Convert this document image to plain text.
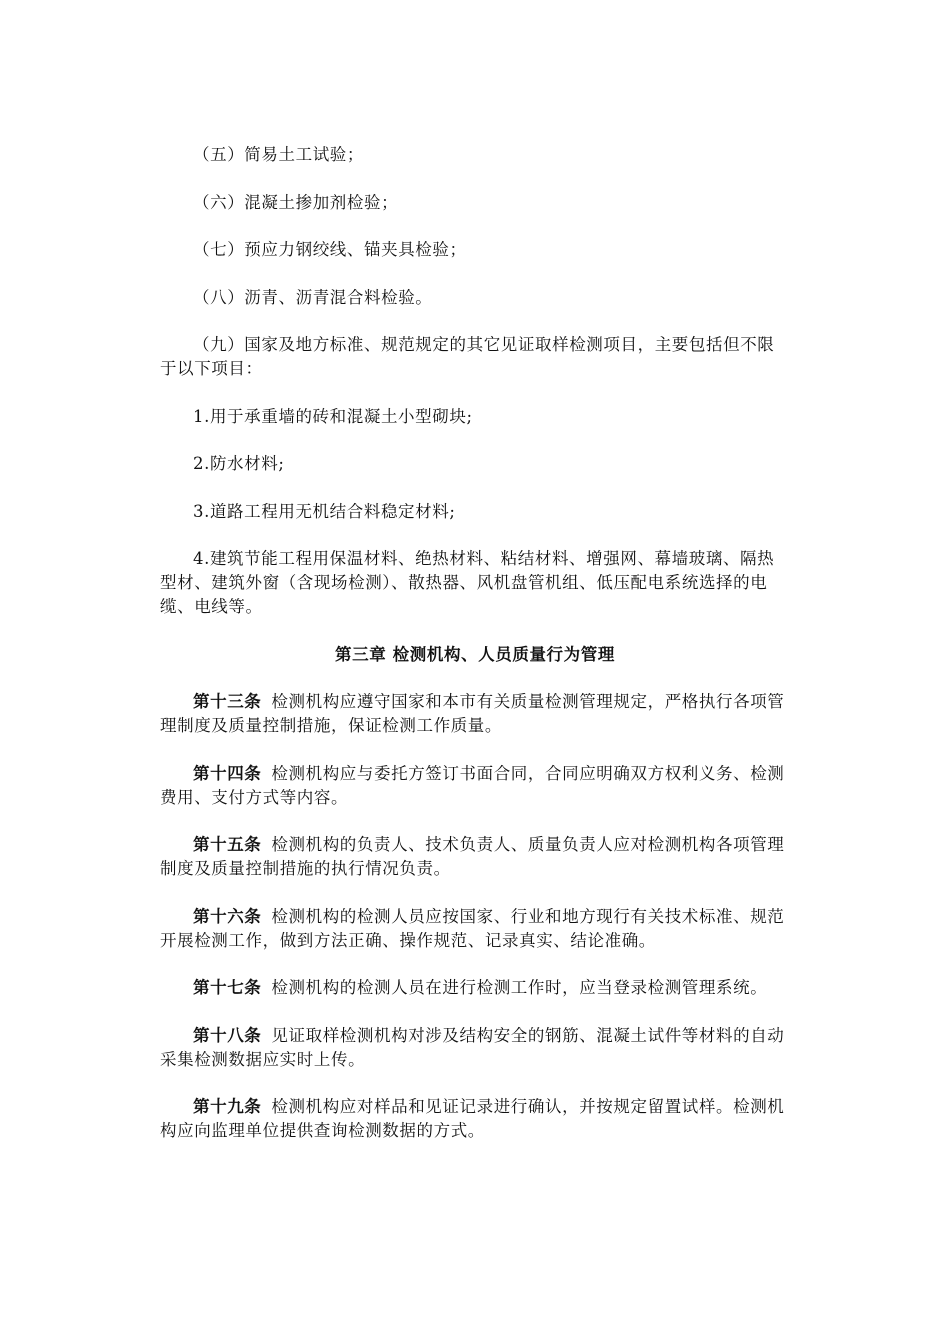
（五）简易土工试验；

（六）混凝土掺加剂检验；

（七）预应力钢绞线、锚夹具检验；

（八）沥青、沥青混合料检验。

（九）国家及地方标准、规范规定的其它见证取样检测项目，主要包括但不限于以下项目：

1.用于承重墙的砖和混凝土小型砌块;

2.防水材料;

3.道路工程用无机结合料稳定材料;

4.建筑节能工程用保温材料、绝热材料、粘结材料、增强网、幕墙玻璃、隔热型材、建筑外窗（含现场检测）、散热器、风机盘管机组、低压配电系统选择的电缆、电线等。

第三章 检测机构、人员质量行为管理

第十三条 检测机构应遵守国家和本市有关质量检测管理规定，严格执行各项管理制度及质量控制措施，保证检测工作质量。

第十四条 检测机构应与委托方签订书面合同，合同应明确双方权利义务、检测费用、支付方式等内容。

第十五条 检测机构的负责人、技术负责人、质量负责人应对检测机构各项管理制度及质量控制措施的执行情况负责。

第十六条 检测机构的检测人员应按国家、行业和地方现行有关技术标准、规范开展检测工作，做到方法正确、操作规范、记录真实、结论准确。

第十七条 检测机构的检测人员在进行检测工作时，应当登录检测管理系统。

第十八条 见证取样检测机构对涉及结构安全的钢筋、混凝土试件等材料的自动采集检测数据应实时上传。

第十九条 检测机构应对样品和见证记录进行确认，并按规定留置试样。检测机构应向监理单位提供查询检测数据的方式。
